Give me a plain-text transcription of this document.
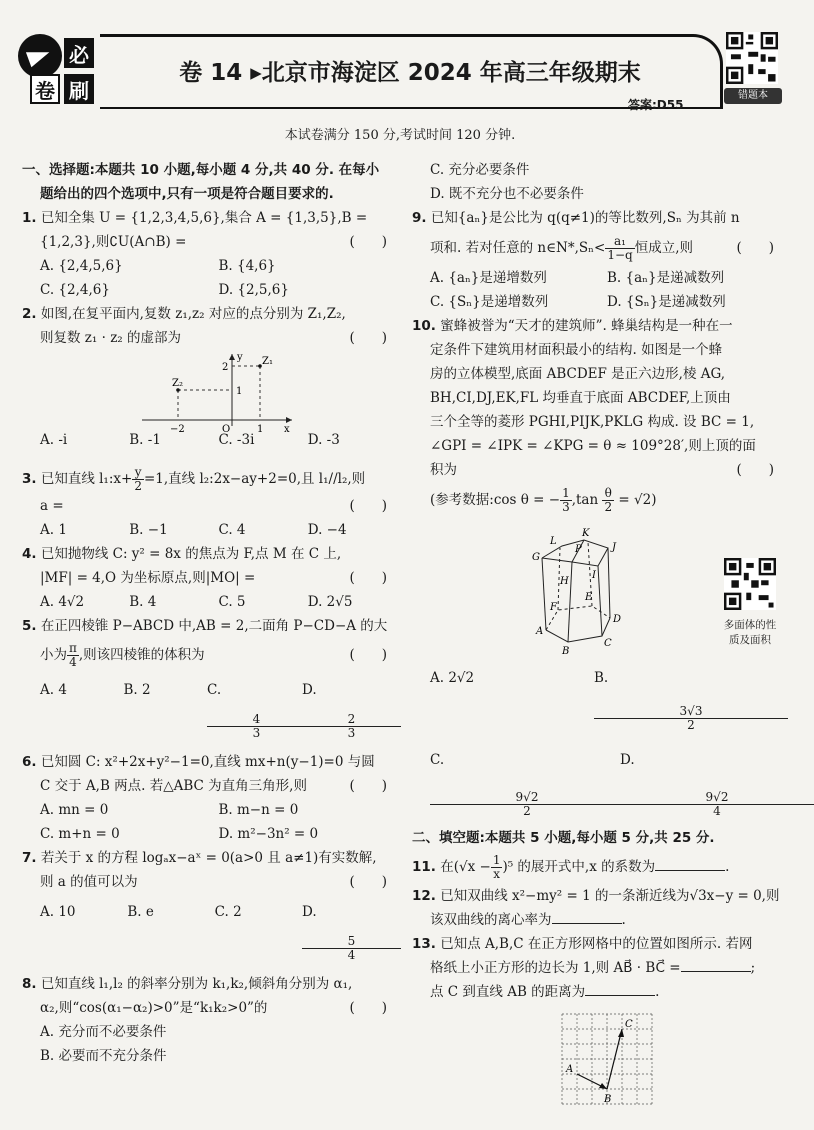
必
卷 刷
卷 14 ▸北京市海淀区 2024 年高三年级期末
答案:D55
错题本
本试卷满分 150 分,考试时间 120 分钟.

一、选择题:本题共 10 小题,每小题 4 分,共 40 分. 在每小

题给出的四个选项中,只有一项是符合题目要求的.

1. 已知全集 U = {1,2,3,4,5,6},集合 A = {1,3,5},B =

{1,2,3},则∁U(A∩B) =	(　　)

A. {2,4,5,6}	B. {4,6}
C. {2,4,6}	D. {2,5,6}

2. 如图,在复平面内,复数 z₁,z₂ 对应的点分别为 Z₁,Z₂,

则复数 z₁ · z₂ 的虚部为	(　　)

y
2
1
Z₁
Z₂
−2	O	1 x
A. -i	B. -1	C. -3i	D. -3

3. 已知直线 l₁:x+ $\frac{y}{2} =1$,直线 l₂:2x−ay+2=0,且 l₁//l₂,则

a =	(　　)

A. 1	B. −1	C. 4	D. −4

4. 已知抛物线 C: y² = 8x 的焦点为 F,点 M 在 C 上,

|MF| = 4,O 为坐标原点,则|MO| =	(　　)

A. 4√2	B. 4	C. 5	D. 2√5

5. 在正四棱锥 P−ABCD 中,AB = 2,二面角 P−CD−A 的大

小为 $\frac{\pi}{4}$ ,则该四棱锥的体积为	(　　)

A. 4	B. 2	C.
$\frac{4}{3}$
D.
$\frac{2}{3}$

6. 已知圆 C: x²+2x+y²−1=0,直线 mx+n(y−1)=0 与圆

C 交于 A,B 两点. 若△ABC 为直角三角形,则	(　　)

A. mn = 0	B. m−n = 0
C. m+n = 0	D. m²−3n² = 0

7. 若关于 x 的方程 logₐx−aˣ = 0(a>0 且 a≠1)有实数解,

则 a 的值可以为	(　　)

A. 10	B. e	C. 2	D.
$\frac{5}{4}$

8. 已知直线 l₁,l₂ 的斜率分别为 k₁,k₂,倾斜角分别为 α₁,

α₂,则“cos(α₁−α₂)>0”是“k₁k₂>0”的	(　　)

A. 充分而不必要条件

B. 必要而不充分条件

C. 充分必要条件

D. 既不充分也不必要条件

9. 已知{aₙ}是公比为 q(q≠1)的等比数列,Sₙ 为其前 n

项和. 若对任意的 n∈N*,Sₙ< $\frac{\text{a₁}}{1-q}$ 恒成立,则	(　　)

A. {aₙ}是递增数列	B. {aₙ}是递减数列
C. {Sₙ}是递增数列	D. {Sₙ}是递减数列

10. 蜜蜂被誉为“天才的建筑师”. 蜂巢结构是一种在一

定条件下建筑用材面积最小的结构. 如图是一个蜂

房的立体模型,底面 ABCDEF 是正六边形,棱 AG,

BH,CI,DJ,EK,FL 均垂直于底面 ABCDEF,上顶由

三个全等的菱形 PGHI,PIJK,PKLG 构成. 设 BC = 1,

∠GPI = ∠IPK = ∠KPG = θ ≈ 109°28′,则上顶的面

积为	(　　)

(参考数据:cos θ = − $\frac{1}{3} ,\tan \frac{\theta}{2} = √2$)

K
L
P	J
G
I
H
E
F
D
A
C
B
A. 2√2	B.
$\frac{3√3}{2}$
C.
$\frac{9√2}{2}$
D.
$\frac{9√2}{4}$

二、填空题:本题共 5 小题,每小题 5 分,共 25 分.

11. 在$(√x - \frac{1}{x} )^5$ 的展开式中,x 的系数为	.

12. 已知双曲线 x²−my² = 1 的一条渐近线为√3x−y = 0,则

该双曲线的离心率为	.

13. 已知点 A,B,C 在正方形网格中的位置如图所示. 若网

格纸上小正方形的边长为 1,则 AB⃗ · BC⃗ =	;

点 C 到直线 AB 的距离为	.

A
B
C
多面体的性
质及面积
